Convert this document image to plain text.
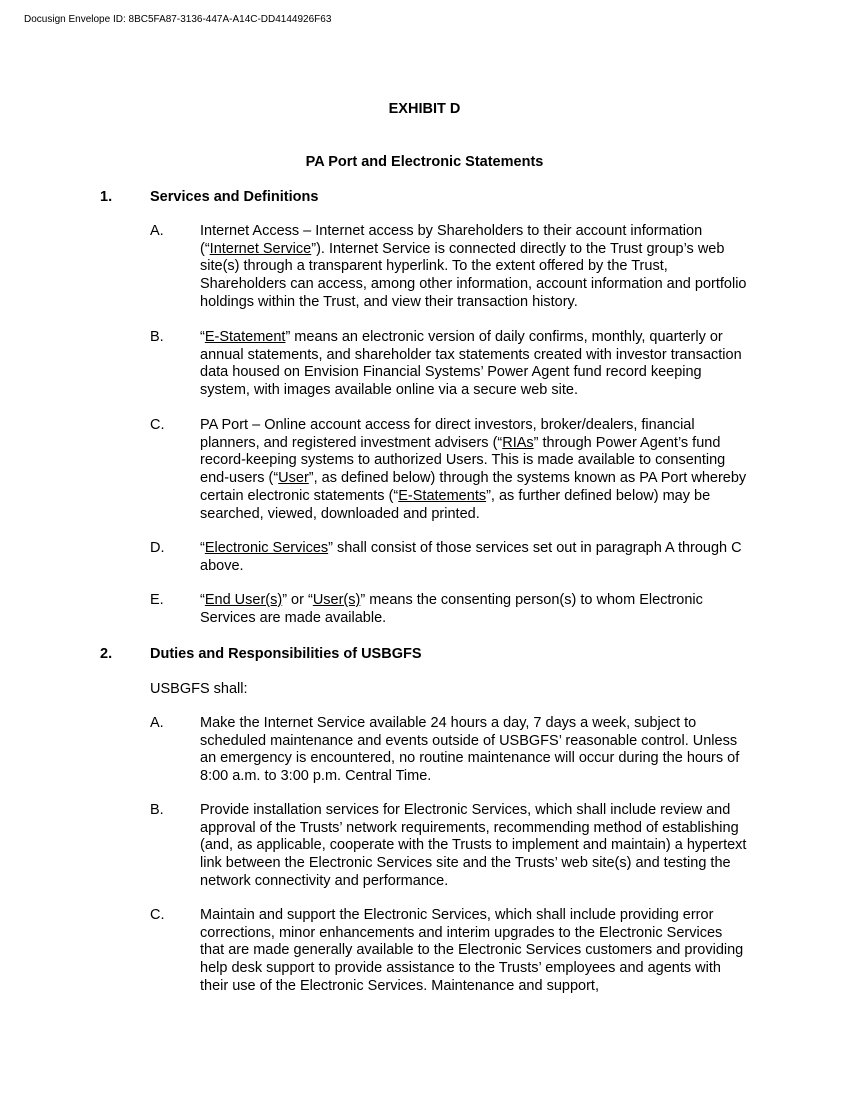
Docusign Envelope ID: 8BC5FA87-3136-447A-A14C-DD4144926F63
EXHIBIT D
PA Port and Electronic Statements
1.	Services and Definitions
A.	Internet Access – Internet access by Shareholders to their account information (“Internet Service”). Internet Service is connected directly to the Trust group’s web site(s) through a transparent hyperlink. To the extent offered by the Trust, Shareholders can access, among other information, account information and portfolio holdings within the Trust, and view their transaction history.
B.	“E-Statement” means an electronic version of daily confirms, monthly, quarterly or annual statements, and shareholder tax statements created with investor transaction data housed on Envision Financial Systems’ Power Agent fund record keeping system, with images available online via a secure web site.
C. PA Port – Online account access for direct investors, broker/dealers, financial planners, and registered investment advisers (“RIAs” through Power Agent’s fund record-keeping systems to authorized Users. This is made available to consenting end-users (“User”, as defined below) through the systems known as PA Port whereby certain electronic statements (“E-Statements”, as further defined below) may be searched, viewed, downloaded and printed.
D. “Electronic Services” shall consist of those services set out in paragraph A through C above.
E.	“End User(s)” or “User(s)” means the consenting person(s) to whom Electronic Services are made available.
2.	Duties and Responsibilities of USBGFS
USBGFS shall:
A.	Make the Internet Service available 24 hours a day, 7 days a week, subject to scheduled maintenance and events outside of USBGFS’ reasonable control. Unless an emergency is encountered, no routine maintenance will occur during the hours of 8:00 a.m. to 3:00 p.m. Central Time.
B.	Provide installation services for Electronic Services, which shall include review and approval of the Trusts’ network requirements, recommending method of establishing (and, as applicable, cooperate with the Trusts to implement and maintain) a hypertext link between the Electronic Services site and the Trusts’ web site(s) and testing the network connectivity and performance.
C. Maintain and support the Electronic Services, which shall include providing error corrections, minor enhancements and interim upgrades to the Electronic Services that are made generally available to the Electronic Services customers and providing help desk support to provide assistance to the Trusts’ employees and agents with their use of the Electronic Services. Maintenance and support,
